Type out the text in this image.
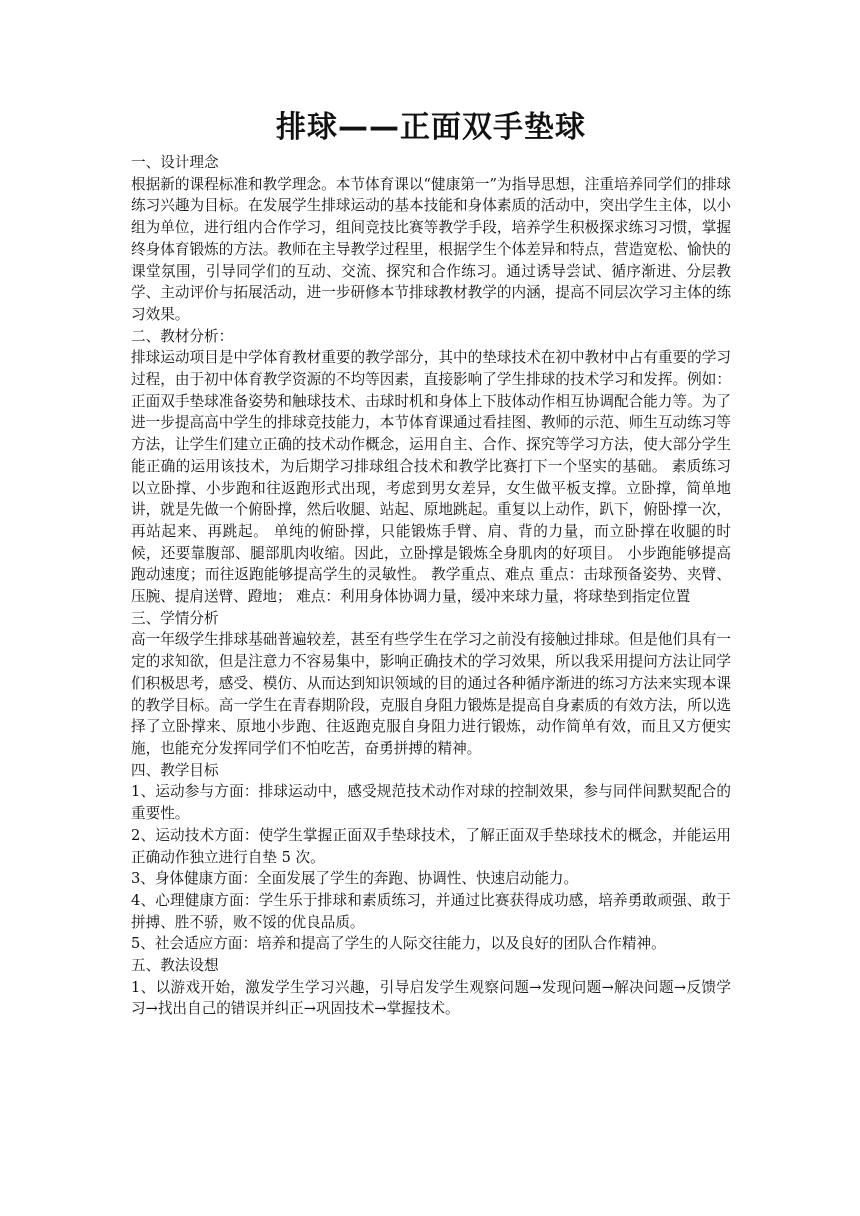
排球——正面双手垫球

一、设计理念

根据新的课程标准和教学理念。本节体育课以“健康第一”为指导思想，注重培养同学们的排球练习兴趣为目标。在发展学生排球运动的基本技能和身体素质的活动中，突出学生主体，以小组为单位，进行组内合作学习，组间竞技比赛等教学手段，培养学生积极探求练习习惯，掌握终身体育锻炼的方法。教师在主导教学过程里，根据学生个体差异和特点，营造宽松、愉快的课堂氛围，引导同学们的互动、交流、探究和合作练习。通过诱导尝试、循序渐进、分层教学、主动评价与拓展活动，进一步研修本节排球教材教学的内涵，提高不同层次学习主体的练习效果。

二、教材分析：

排球运动项目是中学体育教材重要的教学部分，其中的垫球技术在初中教材中占有重要的学习过程，由于初中体育教学资源的不均等因素，直接影响了学生排球的技术学习和发挥。例如：正面双手垫球准备姿势和触球技术、击球时机和身体上下肢体动作相互协调配合能力等。为了进一步提高高中学生的排球竞技能力，本节体育课通过看挂图、教师的示范、师生互动练习等方法，让学生们建立正确的技术动作概念，运用自主、合作、探究等学习方法，使大部分学生能正确的运用该技术，为后期学习排球组合技术和教学比赛打下一个坚实的基础。 素质练习以立卧撑、小步跑和往返跑形式出现，考虑到男女差异，女生做平板支撑。立卧撑，简单地讲，就是先做一个俯卧撑，然后收腿、站起、原地跳起。重复以上动作，趴下，俯卧撑一次，再站起来、再跳起。 单纯的俯卧撑，只能锻炼手臂、肩、背的力量，而立卧撑在收腿的时候，还要靠腹部、腿部肌肉收缩。因此，立卧撑是锻炼全身肌肉的好项目。 小步跑能够提高跑动速度；而往返跑能够提高学生的灵敏性。 教学重点、难点 重点：击球预备姿势、夹臂、压腕、提肩送臂、蹬地； 难点：利用身体协调力量，缓冲来球力量，将球垫到指定位置

三、学情分析

高一年级学生排球基础普遍较差，甚至有些学生在学习之前没有接触过排球。但是他们具有一定的求知欲，但是注意力不容易集中，影响正确技术的学习效果，所以我采用提问方法让同学们积极思考，感受、模仿、从而达到知识领域的目的通过各种循序渐进的练习方法来实现本课的教学目标。高一学生在青春期阶段，克服自身阻力锻炼是提高自身素质的有效方法，所以选择了立卧撑来、原地小步跑、往返跑克服自身阻力进行锻炼，动作简单有效，而且又方便实施，也能充分发挥同学们不怕吃苦，奋勇拼搏的精神。

四、教学目标

1、运动参与方面：排球运动中，感受规范技术动作对球的控制效果，参与同伴间默契配合的重要性。

2、运动技术方面：使学生掌握正面双手垫球技术，了解正面双手垫球技术的概念，并能运用正确动作独立进行自垫 5 次。

3、身体健康方面：全面发展了学生的奔跑、协调性、快速启动能力。

4、心理健康方面：学生乐于排球和素质练习，并通过比赛获得成功感，培养勇敢顽强、敢于拼搏、胜不骄，败不馁的优良品质。

5、社会适应方面：培养和提高了学生的人际交往能力，以及良好的团队合作精神。

五、教法设想

1、以游戏开始，激发学生学习兴趣，引导启发学生观察问题→发现问题→解决问题→反馈学习→找出自己的错误并纠正→巩固技术→掌握技术。
